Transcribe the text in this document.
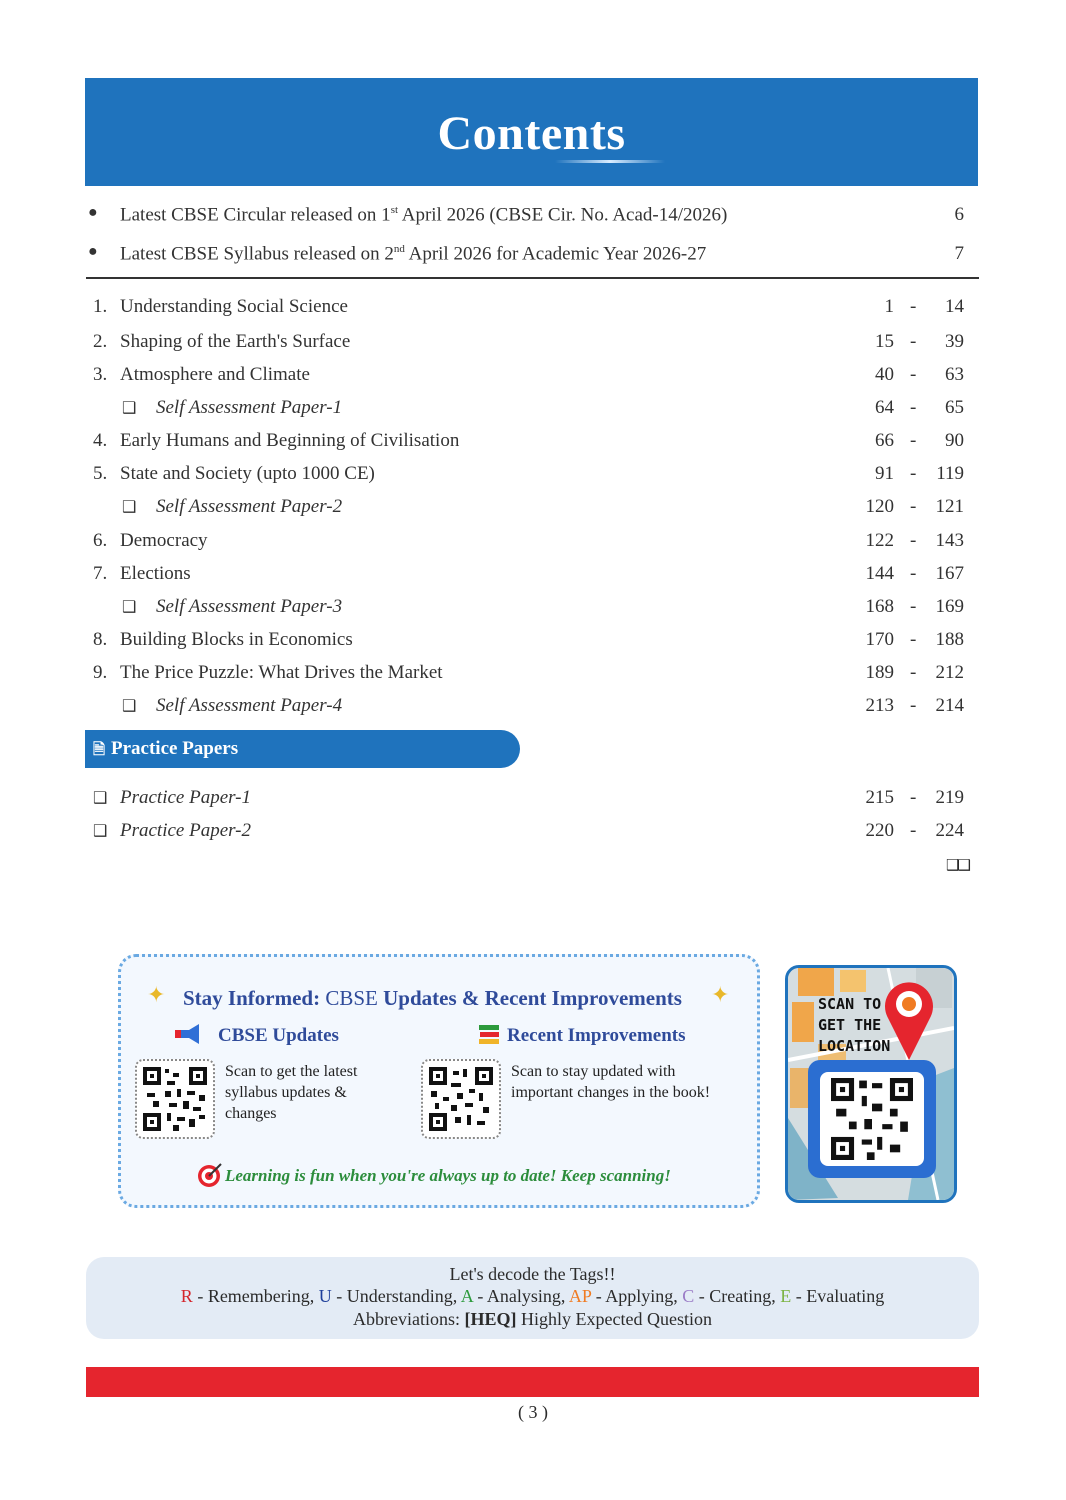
Contents
● Latest CBSE Circular released on 1st April 2026 (CBSE Cir. No. Acad-14/2026)	6
● Latest CBSE Syllabus released on 2nd April 2026 for Academic Year 2026-27	7
1. Understanding Social Science	1 - 14
2. Shaping of the Earth's Surface	15 - 39
3. Atmosphere and Climate	40 - 63
❑ Self Assessment Paper-1	64 - 65
4. Early Humans and Beginning of Civilisation	66 - 90
5. State and Society (upto 1000 CE)	91 - 119
❑ Self Assessment Paper-2	120 - 121
6. Democracy	122 - 143
7. Elections	144 - 167
❑ Self Assessment Paper-3	168 - 169
8. Building Blocks in Economics	170 - 188
9. The Price Puzzle: What Drives the Market	189 - 212
❑ Self Assessment Paper-4	213 - 214
🗎 Practice Papers
❑ Practice Paper-1	215 - 219
❑ Practice Paper-2	220 - 224
❑❑
✦ Stay Informed: CBSE Updates & Recent Improvements ✦
CBSE Updates	Recent Improvements
Scan to get the latest syllabus updates & changes
Scan to stay updated with important changes in the book!
Learning is fun when you're always up to date! Keep scanning!
SCAN TO GET THE LOCATION
Let's decode the Tags!!
R - Remembering, U - Understanding, A - Analysing, AP - Applying, C - Creating, E - Evaluating
Abbreviations: [HEQ] Highly Expected Question
( 3 )
